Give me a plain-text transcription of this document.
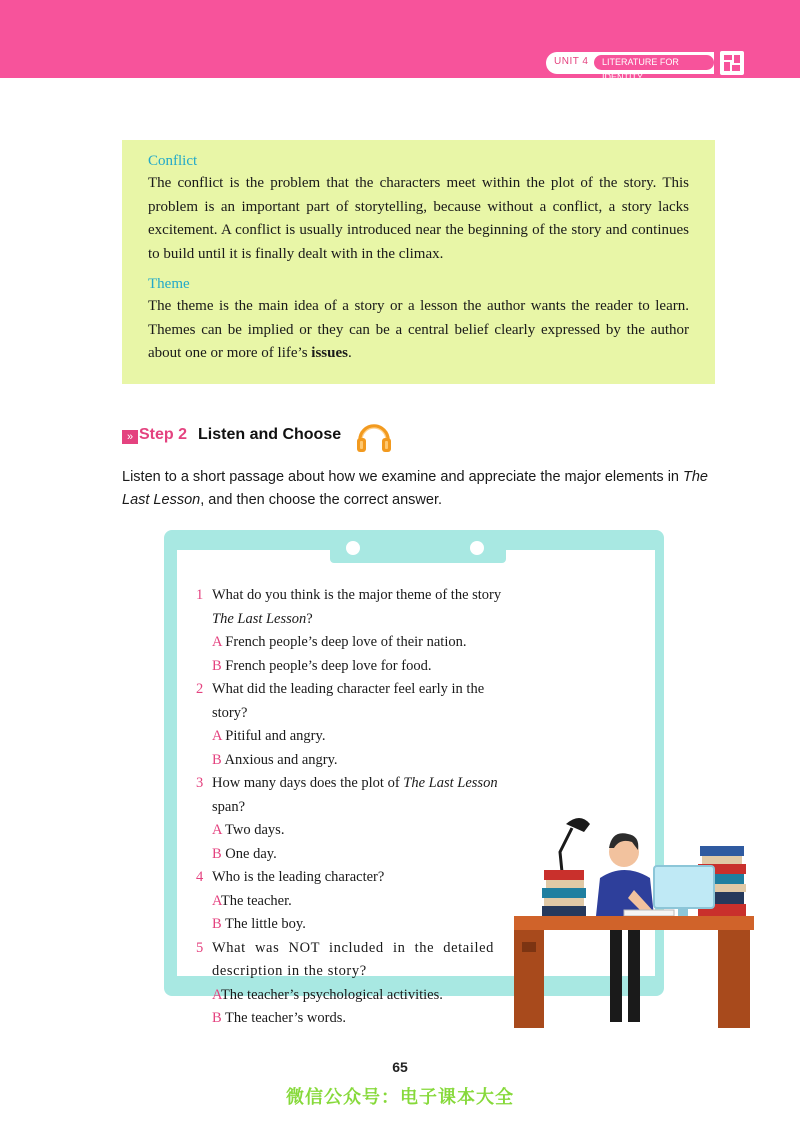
UNIT 4	LITERATURE FOR IDENTITY
Conflict

The conflict is the problem that the characters meet within the plot of the story. This problem is an important part of storytelling, because without a conflict, a story lacks excitement. A conflict is usually introduced near the beginning of the story and continues to build until it is finally dealt with in the climax.

Theme

The theme is the main idea of a story or a lesson the author wants the reader to learn. Themes can be implied or they can be a central belief clearly expressed by the author about one or more of life’s issues.

» Step 2 Listen and Choose
Listen to a short passage about how we examine and appreciate the major elements in The Last Lesson, and then choose the correct answer.
1 What do you think is the major theme of the story The Last Lesson?
A French people’s deep love of their nation.
B French people’s deep love for food.
2 What did the leading character feel early in the story?
A Pitiful and angry.
B Anxious and angry.
3 How many days does the plot of The Last Lesson span?
A Two days.
B One day.
4 Who is the leading character?
AThe teacher.
B The little boy.
5 What was NOT included in the detailed description in the story?
AThe teacher’s psychological activities.
B The teacher’s words.
65
微信公众号：电子课本大全
